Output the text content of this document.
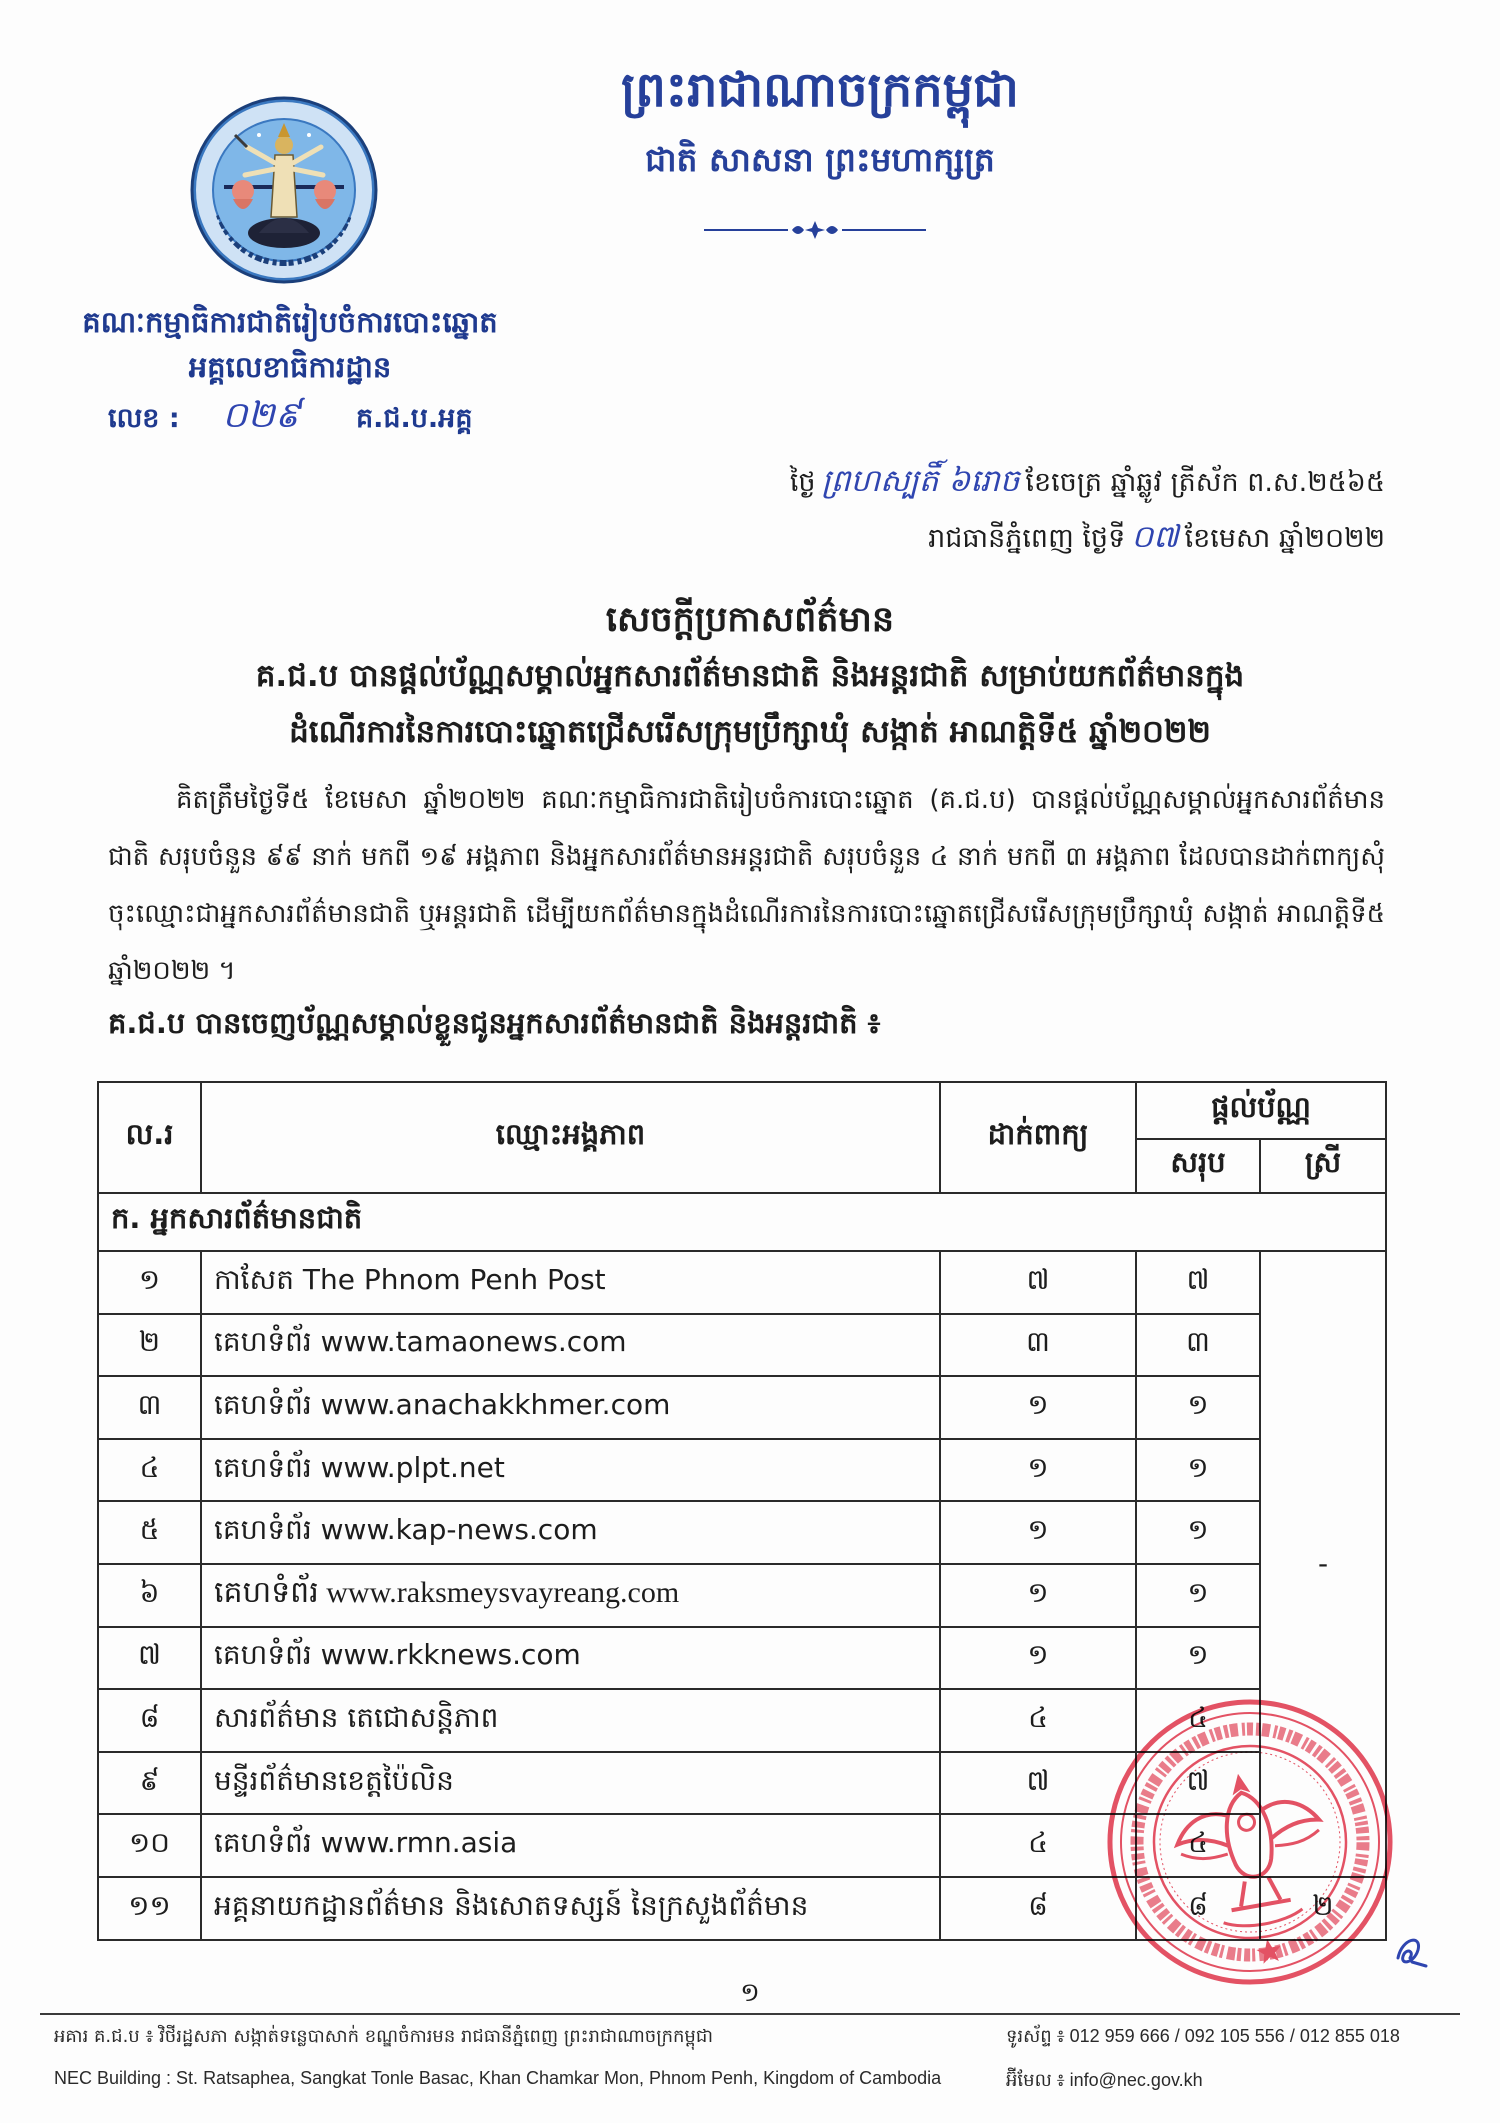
គណៈកម្មាធិការជាតិរៀបចំការបោះឆ្នោត
អគ្គលេខាធិការដ្ឋាន
លេខ : ០២៩ គ.ជ.ប.អគ្គ
ព្រះរាជាណាចក្រកម្ពុជា
ជាតិ សាសនា ព្រះមហាក្សត្រ
ថ្ងៃ ព្រហស្បតិ៍ ៦រោច ខែចេត្រ ឆ្នាំឆ្លូវ ត្រីស័ក ព.ស.២៥៦៥
រាជធានីភ្នំពេញ ថ្ងៃទី ០៧ ខែមេសា ឆ្នាំ២០២២
សេចក្តីប្រកាសព័ត៌មាន
គ.ជ.ប បានផ្តល់ប័ណ្ណសម្គាល់អ្នកសារព័ត៌មានជាតិ និងអន្តរជាតិ សម្រាប់យកព័ត៌មានក្នុង
ដំណើរការនៃការបោះឆ្នោតជ្រើសរើសក្រុមប្រឹក្សាឃុំ សង្កាត់ អាណត្តិទី៥ ឆ្នាំ២០២២
គិតត្រឹមថ្ងៃទី៥ ខែមេសា ឆ្នាំ២០២២ គណៈកម្មាធិការជាតិរៀបចំការបោះឆ្នោត (គ.ជ.ប) បានផ្តល់ប័ណ្ណសម្គាល់អ្នកសារព័ត៌មានជាតិ សរុបចំនួន ៩៩ នាក់ មកពី ១៩ អង្គភាព និងអ្នកសារព័ត៌មានអន្តរជាតិ សរុបចំនួន ៤ នាក់ មកពី ៣ អង្គភាព ដែលបានដាក់ពាក្យសុំចុះឈ្មោះជាអ្នកសារព័ត៌មានជាតិ ឬអន្តរជាតិ ដើម្បីយកព័ត៌មានក្នុងដំណើរការនៃការបោះឆ្នោតជ្រើសរើសក្រុមប្រឹក្សាឃុំ សង្កាត់ អាណត្តិទី៥ ឆ្នាំ២០២២ ។
គ.ជ.ប បានចេញប័ណ្ណសម្គាល់ខ្លួនជូនអ្នកសារព័ត៌មានជាតិ និងអន្តរជាតិ ៖
ល.រ	ឈ្មោះអង្គភាព	ដាក់ពាក្យ	ផ្តល់ប័ណ្ណ	
			សរុប	ស្រី
ក. អ្នកសារព័ត៌មានជាតិ				
១	កាសែត The Phnom Penh Post	៧	៧	-
២	គេហទំព័រ www.tamaonews.com	៣	៣	
៣	គេហទំព័រ www.anachakkhmer.com	១	១	
៤	គេហទំព័រ www.plpt.net	១	១	
៥	គេហទំព័រ www.kap-news.com	១	១	
៦	គេហទំព័រ www.raksmeysvayreang.com	១	១	
៧	គេហទំព័រ www.rkknews.com	១	១	
៨	សារព័ត៌មាន តេជោសន្តិភាព	៤	៤	
៩	មន្ទីរព័ត៌មានខេត្តប៉ៃលិន	៧	៧	
១០	គេហទំព័រ www.rmn.asia	៤	៤	
១១	អគ្គនាយកដ្ឋានព័ត៌មាន និងសោតទស្សន៍ នៃក្រសួងព័ត៌មាន	៨	៨	២
១
អគារ គ.ជ.ប ៖ វិថីរដ្ឋសភា សង្កាត់ទន្លេបាសាក់ ខណ្ឌចំការមន រាជធានីភ្នំពេញ ព្រះរាជាណាចក្រកម្ពុជា	ទូរស័ព្ទ ៖ 012 959 666 / 092 105 556 / 012 855 018
NEC Building : St. Ratsaphea, Sangkat Tonle Basac, Khan Chamkar Mon, Phnom Penh, Kingdom of Cambodia	អ៊ីមែល ៖ info@nec.gov.kh
